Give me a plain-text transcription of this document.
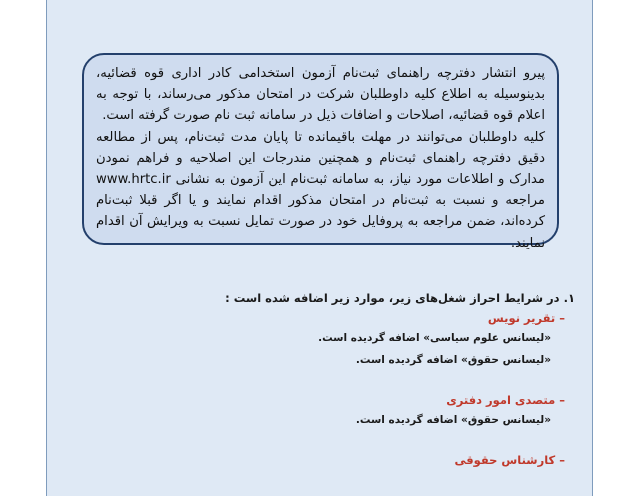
پیرو انتشار دفترچه راهنمای ثبت‌نام آزمون استخدامی کادر اداری قوه قضائیه، بدینوسیله به اطلاع کلیه داوطلبان شرکت در امتحان مذکور می‌رساند، با توجه به اعلام قوه قضائیه، اصلاحات و اضافات ذیل در سامانه ثبت نام صورت گرفته است.

کلیه داوطلبان می‌توانند در مهلت باقیمانده تا پایان مدت ثبت‌نام، پس از مطالعه دقیق دفترچه راهنمای ثبت‌نام و همچنین مندرجات این اصلاحیه و فراهم نمودن مدارک و اطلاعات مورد نیاز، به سامانه ثبت‌نام این آزمون به نشانی www.hrtc.ir مراجعه و نسبت به ثبت‌نام در امتحان مذکور اقدام نمایند و یا اگر قبلا ثبت‌نام کرده‌اند، ضمن مراجعه به پروفایل خود در صورت تمایل نسبت به ویرایش آن اقدام نمایند.

۱. در شرایط احراز شغل‌های زیر، موارد زیر اضافه شده است :
– تقریر نویس
«لیسانس علوم سیاسی» اضافه گردیده است.
«لیسانس حقوق» اضافه گردیده است.
– متصدی امور دفتری
«لیسانس حقوق» اضافه گردیده است.
– کارشناس حقوقی
